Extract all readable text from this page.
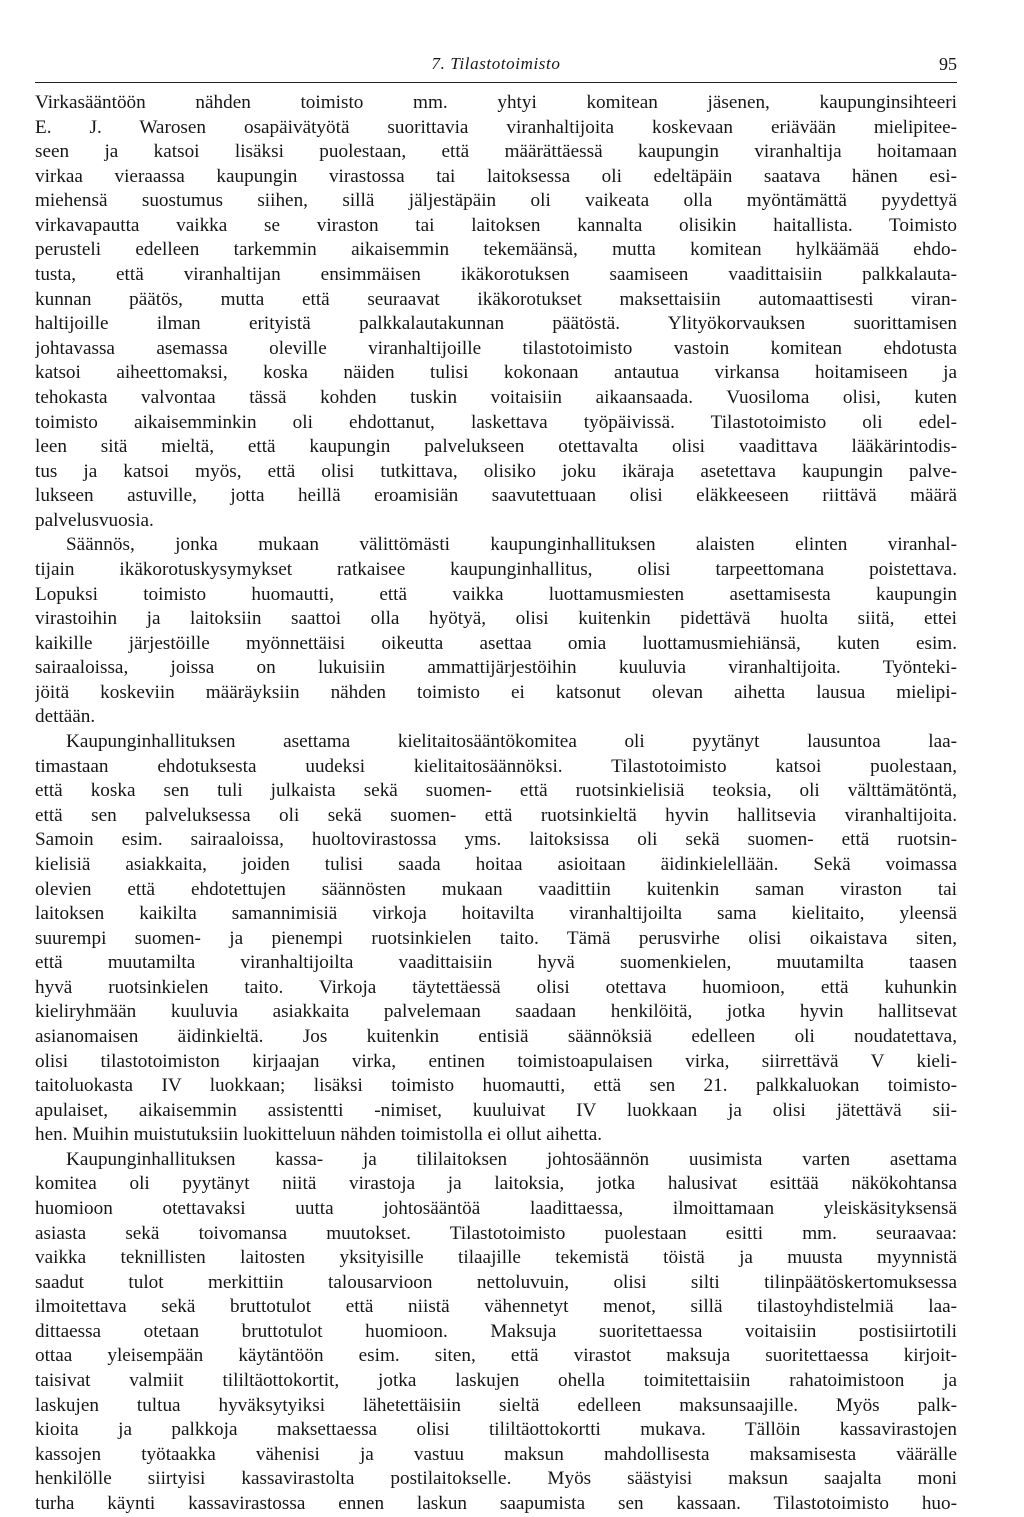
7. Tilastotoimisto	95
Virkasääntöön nähden toimisto mm. yhtyi komitean jäsenen, kaupunginsihteeri
E. J. Warosen osapäivätyötä suorittavia viranhaltijoita koskevaan eriävään mielipitee-
seen ja katsoi lisäksi puolestaan, että määrättäessä kaupungin viranhaltija hoitamaan
virkaa vieraassa kaupungin virastossa tai laitoksessa oli edeltäpäin saatava hänen esi-
miehensä suostumus siihen, sillä jäljestäpäin oli vaikeata olla myöntämättä pyydettyä
virkavapautta vaikka se viraston tai laitoksen kannalta olisikin haitallista. Toimisto
perusteli edelleen tarkemmin aikaisemmin tekemäänsä, mutta komitean hylkäämää ehdo-
tusta, että viranhaltijan ensimmäisen ikäkorotuksen saamiseen vaadittaisiin palkkalauta-
kunnan päätös, mutta että seuraavat ikäkorotukset maksettaisiin automaattisesti viran-
haltijoille ilman erityistä palkkalautakunnan päätöstä. Ylityökorvauksen suorittamisen
johtavassa asemassa oleville viranhaltijoille tilastotoimisto vastoin komitean ehdotusta
katsoi aiheettomaksi, koska näiden tulisi kokonaan antautua virkansa hoitamiseen ja
tehokasta valvontaa tässä kohden tuskin voitaisiin aikaansaada. Vuosiloma olisi, kuten
toimisto aikaisemminkin oli ehdottanut, laskettava työpäivissä. Tilastotoimisto oli edel-
leen sitä mieltä, että kaupungin palvelukseen otettavalta olisi vaadittava lääkärintodis-
tus ja katsoi myös, että olisi tutkittava, olisiko joku ikäraja asetettava kaupungin palve-
lukseen astuville, jotta heillä eroamisiän saavutettuaan olisi eläkkeeseen riittävä määrä
palvelusvuosia.
Säännös, jonka mukaan välittömästi kaupunginhallituksen alaisten elinten viranhal-
tijain ikäkorotuskysymykset ratkaisee kaupunginhallitus, olisi tarpeettomana poistettava.
Lopuksi toimisto huomautti, että vaikka luottamusmiesten asettamisesta kaupungin
virastoihin ja laitoksiin saattoi olla hyötyä, olisi kuitenkin pidettävä huolta siitä, ettei
kaikille järjestöille myönnettäisi oikeutta asettaa omia luottamusmiehiänsä, kuten esim.
sairaaloissa, joissa on lukuisiin ammattijärjestöihin kuuluvia viranhaltijoita. Työnteki-
jöitä koskeviin määräyksiin nähden toimisto ei katsonut olevan aihetta lausua mielipi-
dettään.
Kaupunginhallituksen asettama kielitaitosääntökomitea oli pyytänyt lausuntoa laa-
timastaan ehdotuksesta uudeksi kielitaitosäännöksi. Tilastotoimisto katsoi puolestaan,
että koska sen tuli julkaista sekä suomen- että ruotsinkielisiä teoksia, oli välttämätöntä,
että sen palveluksessa oli sekä suomen- että ruotsinkieltä hyvin hallitsevia viranhaltijoita.
Samoin esim. sairaaloissa, huoltovirastossa yms. laitoksissa oli sekä suomen- että ruotsin-
kielisiä asiakkaita, joiden tulisi saada hoitaa asioitaan äidinkielellään. Sekä voimassa
olevien että ehdotettujen säännösten mukaan vaadittiin kuitenkin saman viraston tai
laitoksen kaikilta samannimisiä virkoja hoitavilta viranhaltijoilta sama kielitaito, yleensä
suurempi suomen- ja pienempi ruotsinkielen taito. Tämä perusvirhe olisi oikaistava siten,
että muutamilta viranhaltijoilta vaadittaisiin hyvä suomenkielen, muutamilta taasen
hyvä ruotsinkielen taito. Virkoja täytettäessä olisi otettava huomioon, että kuhunkin
kieliryhmään kuuluvia asiakkaita palvelemaan saadaan henkilöitä, jotka hyvin hallitsevat
asianomaisen äidinkieltä. Jos kuitenkin entisiä säännöksiä edelleen oli noudatettava,
olisi tilastotoimiston kirjaajan virka, entinen toimistoapulaisen virka, siirrettävä V kieli-
taitoluokasta IV luokkaan; lisäksi toimisto huomautti, että sen 21. palkkaluokan toimisto-
apulaiset, aikaisemmin assistentti -nimiset, kuuluivat IV luokkaan ja olisi jätettävä sii-
hen. Muihin muistutuksiin luokitteluun nähden toimistolla ei ollut aihetta.
Kaupunginhallituksen kassa- ja tililaitoksen johtosäännön uusimista varten asettama
komitea oli pyytänyt niitä virastoja ja laitoksia, jotka halusivat esittää näkökohtansa
huomioon otettavaksi uutta johtosääntöä laadittaessa, ilmoittamaan yleiskäsityksensä
asiasta sekä toivomansa muutokset. Tilastotoimisto puolestaan esitti mm. seuraavaa:
vaikka teknillisten laitosten yksityisille tilaajille tekemistä töistä ja muusta myynnistä
saadut tulot merkittiin talousarvioon nettoluvuin, olisi silti tilinpäätöskertomuksessa
ilmoitettava sekä bruttotulot että niistä vähennetyt menot, sillä tilastoyhdistelmiä laa-
dittaessa otetaan bruttotulot huomioon. Maksuja suoritettaessa voitaisiin postisiirtotili
ottaa yleisempään käytäntöön esim. siten, että virastot maksuja suoritettaessa kirjoit-
taisivat valmiit tililtäottokortit, jotka laskujen ohella toimitettaisiin rahatoimistoon ja
laskujen tultua hyväksytyiksi lähetettäisiin sieltä edelleen maksunsaajille. Myös palk-
kioita ja palkkoja maksettaessa olisi tililtäottokortti mukava. Tällöin kassavirastojen
kassojen työtaakka vähenisi ja vastuu maksun mahdollisesta maksamisesta väärälle
henkilölle siirtyisi kassavirastolta postilaitokselle. Myös säästyisi maksun saajalta moni
turha käynti kassavirastossa ennen laskun saapumista sen kassaan. Tilastotoimisto huo-
